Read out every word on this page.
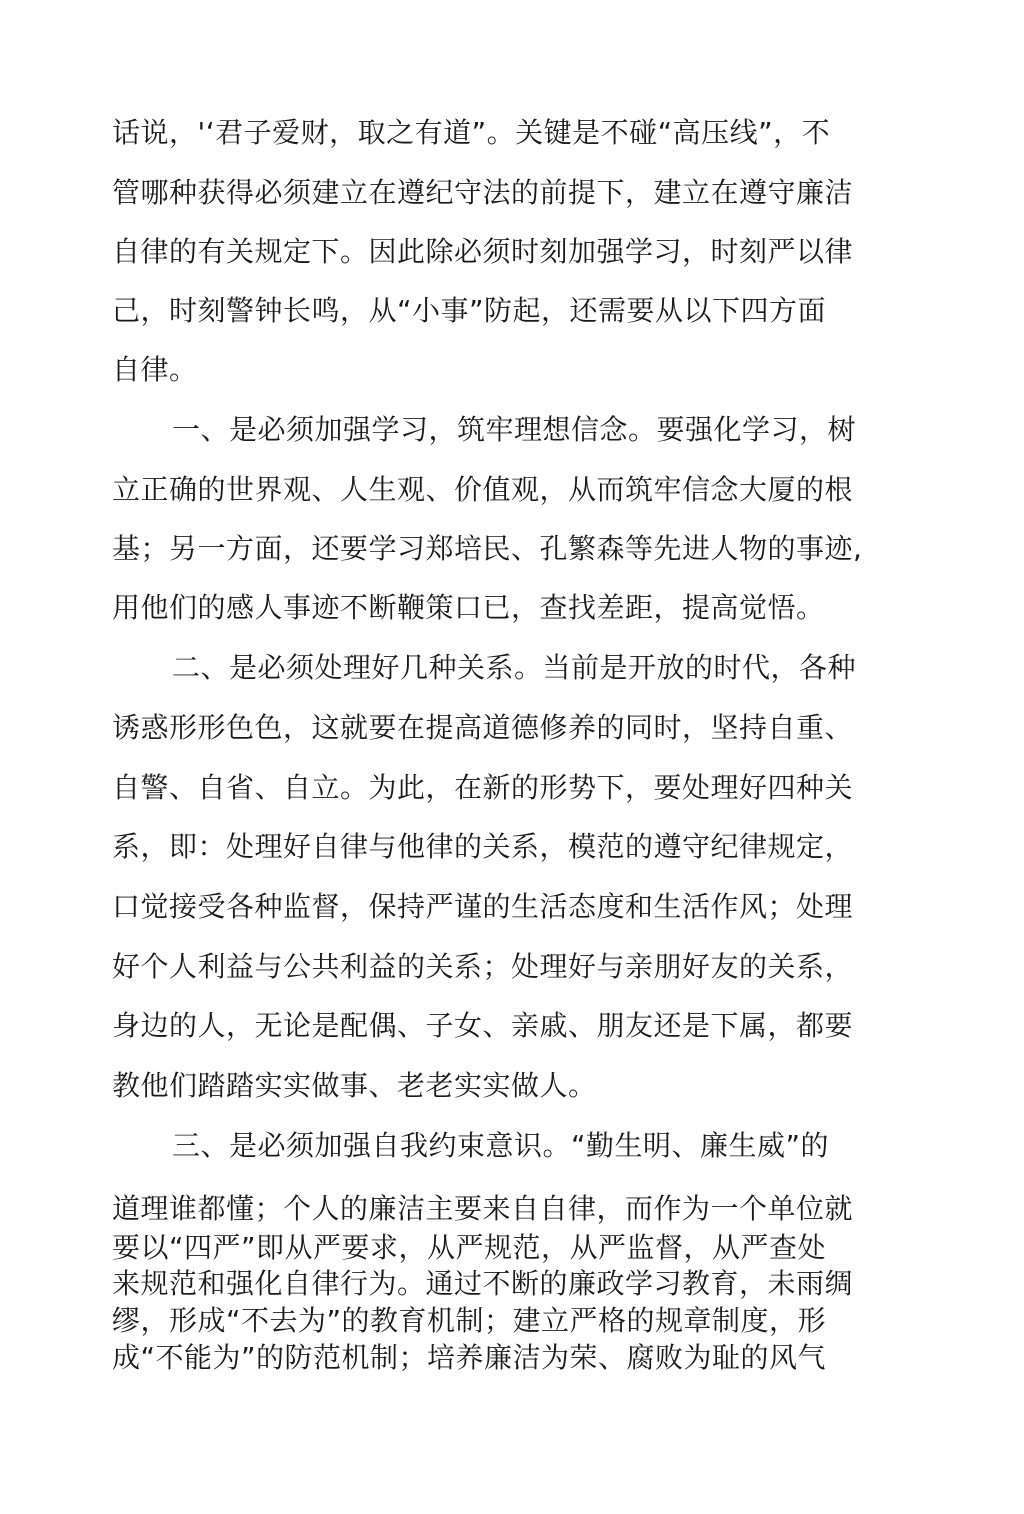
话说，'‘君子爱财，取之有道”。关键是不碰“高压线”，不
管哪种获得必须建立在遵纪守法的前提下，建立在遵守廉洁
自律的有关规定下。因此除必须时刻加强学习，时刻严以律
己，时刻警钟长鸣，从“小事”防起，还需要从以下四方面
自律。
一、是必须加强学习，筑牢理想信念。要强化学习，树
立正确的世界观、人生观、价值观，从而筑牢信念大厦的根
基；另一方面，还要学习郑培民、孔繁森等先进人物的事迹,
用他们的感人事迹不断鞭策口已，查找差距，提高觉悟。
二、是必须处理好几种关系。当前是开放的时代，各种
诱惑形形色色，这就要在提高道德修养的同时，坚持自重、
自警、自省、自立。为此，在新的形势下，要处理好四种关
系，即：处理好自律与他律的关系，模范的遵守纪律规定，
口觉接受各种监督，保持严谨的生活态度和生活作风；处理
好个人利益与公共利益的关系；处理好与亲朋好友的关系，
身边的人，无论是配偶、子女、亲戚、朋友还是下属，都要
教他们踏踏实实做事、老老实实做人。
三、是必须加强自我约束意识。“勤生明、廉生威”的
道理谁都懂；个人的廉洁主要来自自律，而作为一个单位就
要以“四严”即从严要求，从严规范，从严监督，从严查处
来规范和强化自律行为。通过不断的廉政学习教育，未雨绸
缪，形成“不去为”的教育机制；建立严格的规章制度，形
成“不能为”的防范机制；培养廉洁为荣、腐败为耻的风气
